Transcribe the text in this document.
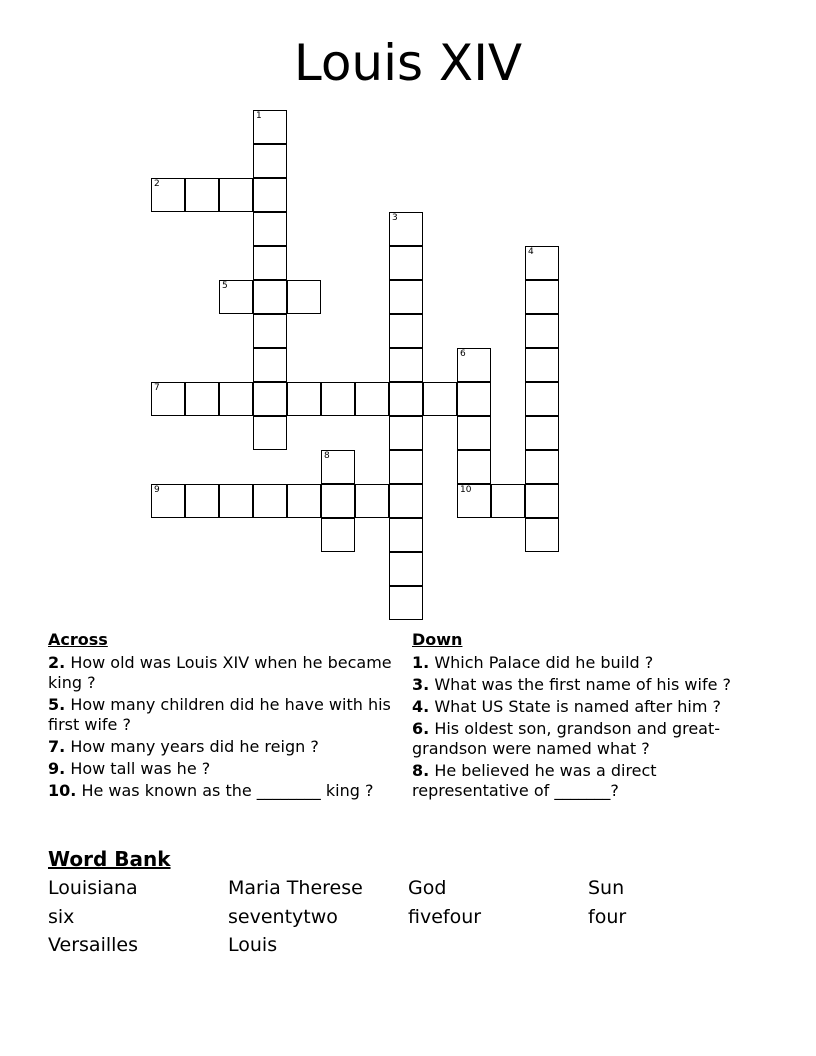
Louis XIV
1
2
3
4
5
6
7
8
9	10
Across
2. How old was Louis XIV when he became king ?
5. How many children did he have with his first wife ?
7. How many years did he reign ?
9. How tall was he ?
10. He was known as the ________ king ?
Down
1. Which Palace did he build ?
3. What was the first name of his wife ?
4. What US State is named after him ?
6. His oldest son, grandson and great-grandson were named what ?
8. He believed he was a direct representative of _______?
Word Bank
Louisiana	Maria Therese	God	Sun
six	seventytwo	fivefour	four
Versailles	Louis
